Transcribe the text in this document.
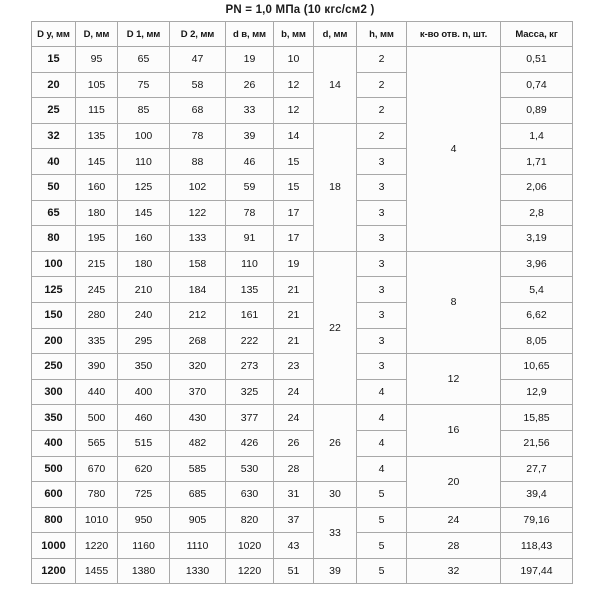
PN = 1,0 МПа (10 кгс/см2 )
D у, мм	D, мм	D 1, мм	D 2, мм	d в, мм	b, мм	d, мм	h, мм	к-во отв. n, шт.	Масса, кг
15	95	65	47	19	10	14	2	4	0,51
20	105	75	58	26	12		2		0,74
25	115	85	68	33	12		2		0,89
32	135	100	78	39	14	18	2		1,4
40	145	110	88	46	15		3		1,71
50	160	125	102	59	15		3		2,06
65	180	145	122	78	17		3		2,8
80	195	160	133	91	17		3		3,19
100	215	180	158	110	19	22	3	8	3,96
125	245	210	184	135	21		3		5,4
150	280	240	212	161	21		3		6,62
200	335	295	268	222	21		3		8,05
250	390	350	320	273	23		3	12	10,65
300	440	400	370	325	24		4		12,9
350	500	460	430	377	24	26	4	16	15,85
400	565	515	482	426	26		4		21,56
500	670	620	585	530	28		4	20	27,7
600	780	725	685	630	31	30	5		39,4
800	1010	950	905	820	37	33	5	24	79,16
1000	1220	1160	1110	1020	43		5	28	118,43
1200	1455	1380	1330	1220	51	39	5	32	197,44
